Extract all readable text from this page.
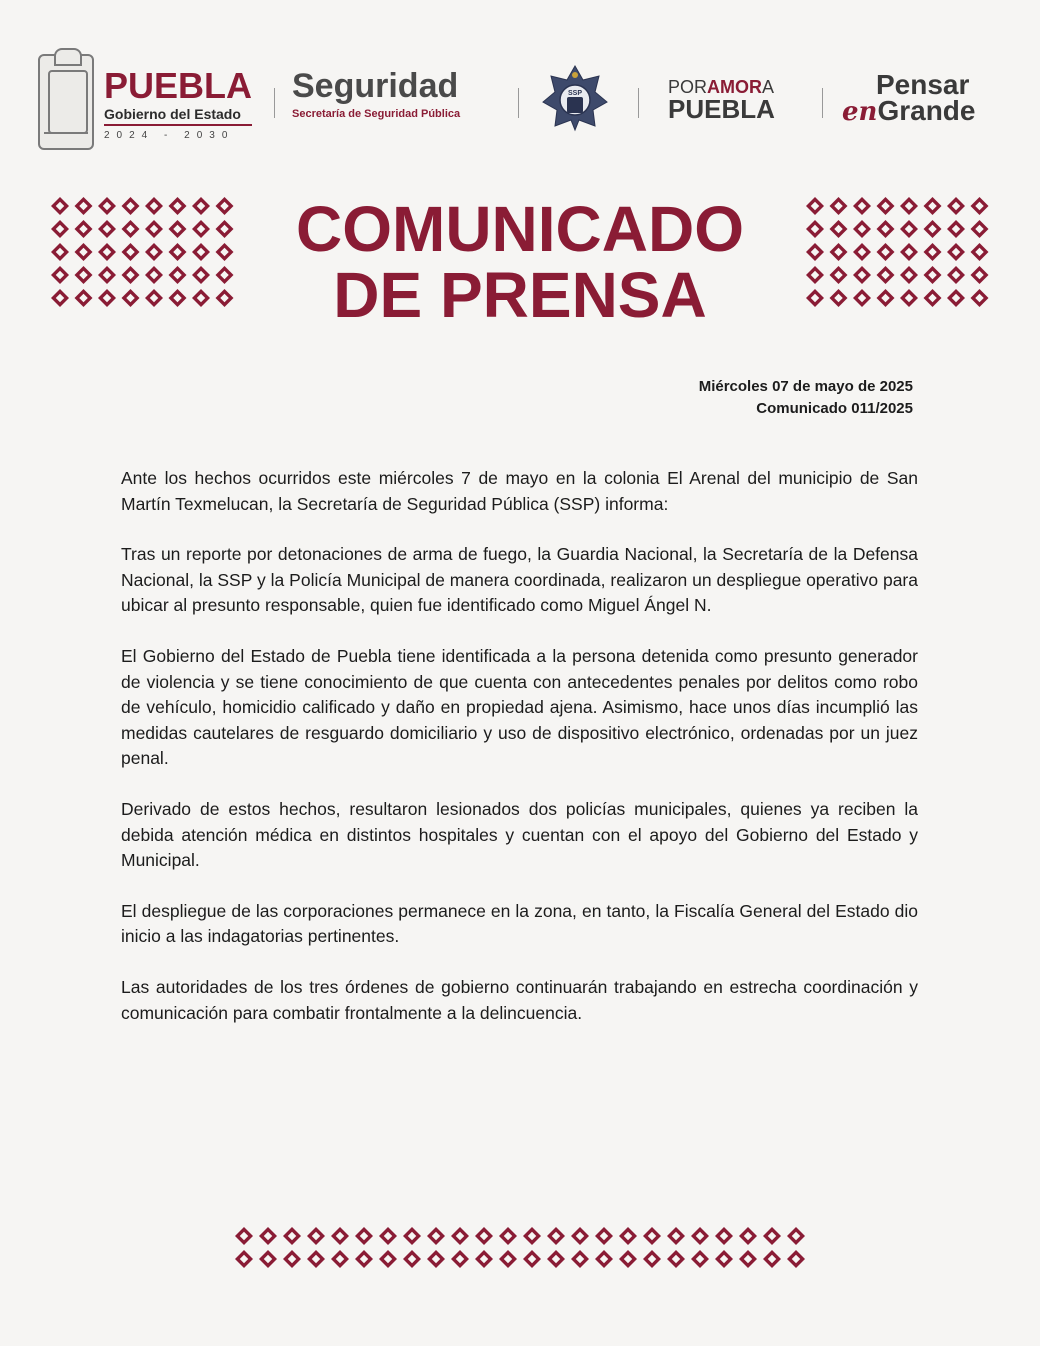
PUEBLA
Gobierno del Estado
2024 - 2030
Seguridad
Secretaría de Seguridad Pública
SSP	PORAMORA
PUEBLA
Pensar
enGrande
COMUNICADO
DE PRENSA
Miércoles 07 de mayo de 2025
Comunicado 011/2025

Ante los hechos ocurridos este miércoles 7 de mayo en la colonia El Arenal del municipio de San Martín Texmelucan, la Secretaría de Seguridad Pública (SSP) informa:

Tras un reporte por detonaciones de arma de fuego, la Guardia Nacional, la Secretaría de la Defensa Nacional, la SSP y la Policía Municipal de manera coordinada, realizaron un despliegue operativo para ubicar al presunto responsable, quien fue identificado como Miguel Ángel N.

El Gobierno del Estado de Puebla tiene identificada a la persona detenida como presunto generador de violencia y se tiene conocimiento de que cuenta con antecedentes penales por delitos como robo de vehículo, homicidio calificado y daño en propiedad ajena. Asimismo, hace unos días incumplió las medidas cautelares de resguardo domiciliario y uso de dispositivo electrónico, ordenadas por un juez penal.

Derivado de estos hechos, resultaron lesionados dos policías municipales, quienes ya reciben la debida atención médica en distintos hospitales y cuentan con el apoyo del Gobierno del Estado y Municipal.

El despliegue de las corporaciones permanece en la zona, en tanto, la Fiscalía General del Estado dio inicio a las indagatorias pertinentes.

Las autoridades de los tres órdenes de gobierno continuarán trabajando en estrecha coordinación y comunicación para combatir frontalmente a la delincuencia.
